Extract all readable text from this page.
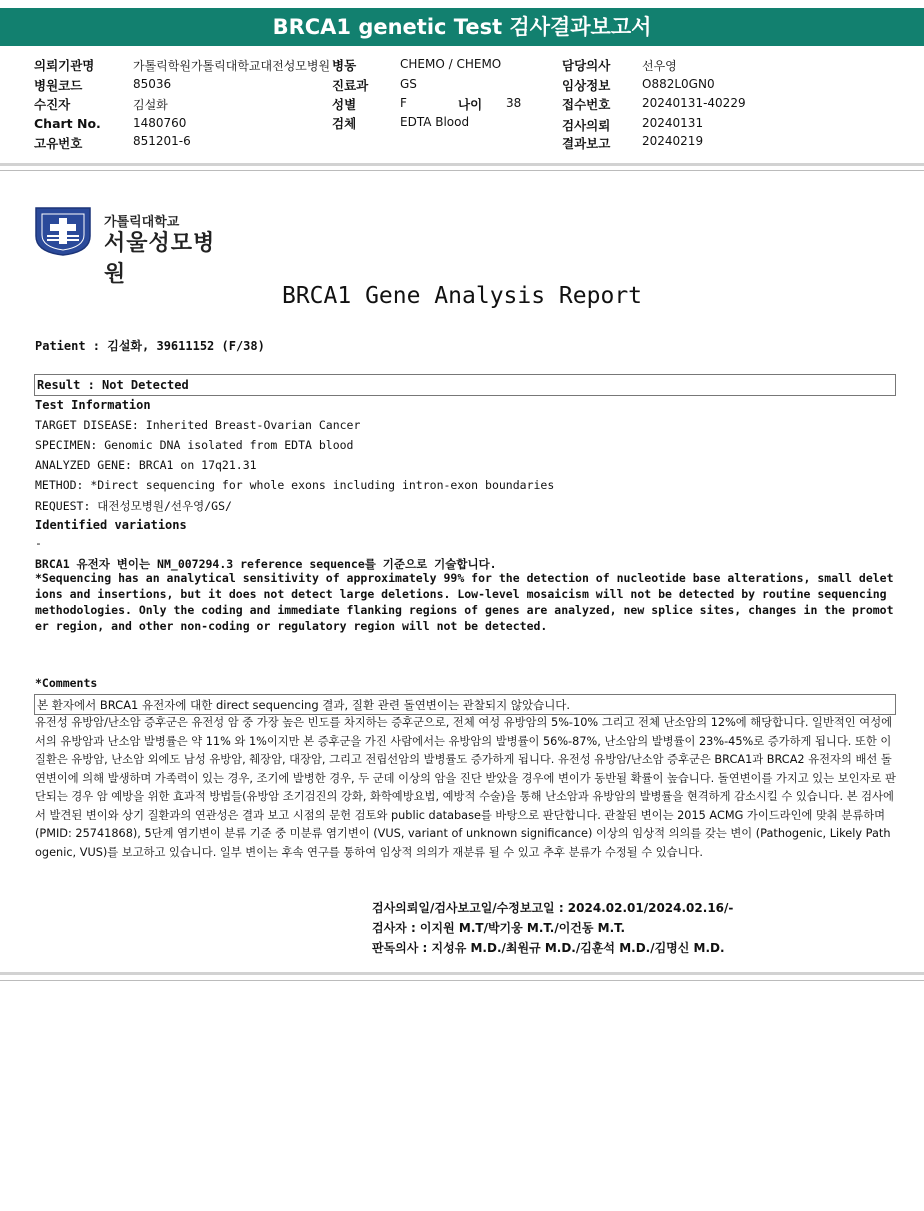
BRCA1 genetic Test 검사결과보고서
의뢰기관명	가톨릭학원가톨릭대학교대전성모병원 병동	CHEMO / CHEMO	담당의사	선우영
병원코드	85036	진료과	GS	임상정보	O882L0GN0
수진자	김설화	성별	F	나이 38	접수번호	20240131-40229
Chart No.	1480760	검체	EDTA Blood	검사의뢰	20240131
고유번호	851201-6	결과보고	20240219
가톨릭대학교
서울성모병원
BRCA1 Gene Analysis Report
Patient : 김설화, 39611152 (F/38)
Result : Not Detected
Test Information
TARGET DISEASE: Inherited Breast-Ovarian Cancer
SPECIMEN: Genomic DNA isolated from EDTA blood
ANALYZED GENE: BRCA1 on 17q21.31
METHOD: *Direct sequencing for whole exons including intron-exon boundaries
REQUEST: 대전성모병원/선우영/GS/
Identified variations
-
BRCA1 유전자 변이는 NM_007294.3 reference sequence를 기준으로 기술합니다.
*Sequencing has an analytical sensitivity of approximately 99% for the detection of nucleotide base alterations, small deletions and insertions, but it does not detect large deletions. Low-level mosaicism will not be detected by routine sequencing methodologies. Only the coding and immediate flanking regions of genes are analyzed, new splice sites, changes in the promoter region, and other non-coding or regulatory region will not be detected.
*Comments
본 환자에서 BRCA1 유전자에 대한 direct sequencing 결과, 질환 관련 돌연변이는 관찰되지 않았습니다.
유전성 유방암/난소암 증후군은 유전성 암 중 가장 높은 빈도를 차지하는 증후군으로, 전체 여성 유방암의 5%-10% 그리고 전체 난소암의 12%에 해당합니다. 일반적인 여성에서의 유방암과 난소암 발병률은 약 11% 와 1%이지만 본 증후군을 가진 사람에서는 유방암의 발병률이 56%-87%, 난소암의 발병률이 23%-45%로 증가하게 됩니다. 또한 이 질환은 유방암, 난소암 외에도 남성 유방암, 췌장암, 대장암, 그리고 전립선암의 발병률도 증가하게 됩니다. 유전성 유방암/난소암 증후군은 BRCA1과 BRCA2 유전자의 배선 돌연변이에 의해 발생하며 가족력이 있는 경우, 조기에 발병한 경우, 두 군데 이상의 암을 진단 받았을 경우에 변이가 동반될 확률이 높습니다. 돌연변이를 가지고 있는 보인자로 판단되는 경우 암 예방을 위한 효과적 방법들(유방암 조기검진의 강화, 화학예방요법, 예방적 수술)을 통해 난소암과 유방암의 발병률을 현격하게 감소시킬 수 있습니다. 본 검사에서 발견된 변이와 상기 질환과의 연관성은 결과 보고 시점의 문헌 검토와 public database를 바탕으로 판단합니다. 관찰된 변이는 2015 ACMG 가이드라인에 맞춰 분류하며 (PMID: 25741868), 5단계 염기변이 분류 기준 중 미분류 염기변이 (VUS, variant of unknown significance) 이상의 임상적 의의를 갖는 변이 (Pathogenic, Likely Pathogenic, VUS)를 보고하고 있습니다. 일부 변이는 후속 연구를 통하여 임상적 의의가 재분류 될 수 있고 추후 분류가 수정될 수 있습니다.
검사의뢰일/검사보고일/수정보고일 : 2024.02.01/2024.02.16/-
검사자 : 이지원 M.T/박기웅 M.T./이건동 M.T.
판독의사 : 지성유 M.D./최원규 M.D./김훈석 M.D./김명신 M.D.
